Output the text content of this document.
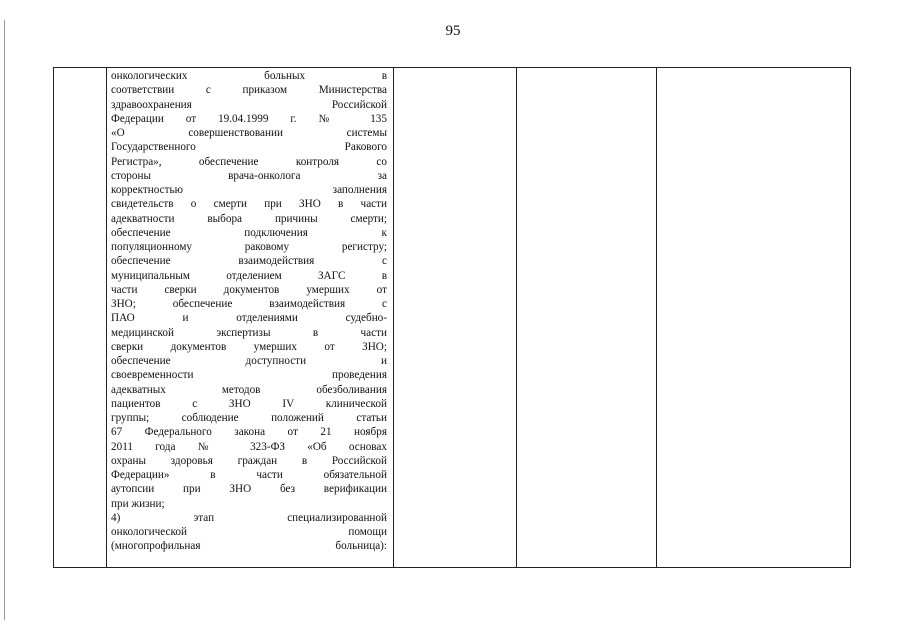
95
онкологических больных в
соответствии с приказом Министерства
здравоохранения Российской
Федерации от 19.04.1999 г. № 135
«О совершенствовании системы
Государственного Ракового
Регистра», обеспечение контроля со
стороны врача-онколога за
корректностью заполнения
свидетельств о смерти при ЗНО в части
адекватности выбора причины смерти;
обеспечение подключения к
популяционному раковому регистру;
обеспечение взаимодействия с
муниципальным отделением ЗАГС в
части сверки документов умерших от
ЗНО; обеспечение взаимодействия с
ПАО и отделениями судебно-
медицинской экспертизы в части
сверки документов умерших от ЗНО;
обеспечение доступности и
своевременности проведения
адекватных методов обезболивания
пациентов с ЗНО IV клинической
группы; соблюдение положений статьи
67 Федерального закона от 21 ноября
2011 года № 323-ФЗ «Об основах
охраны здоровья граждан в Российской
Федерации» в части обязательной
аутопсии при ЗНО без верификации
при жизни;
4) этап специализированной
онкологической помощи
(многопрофильная больница):
